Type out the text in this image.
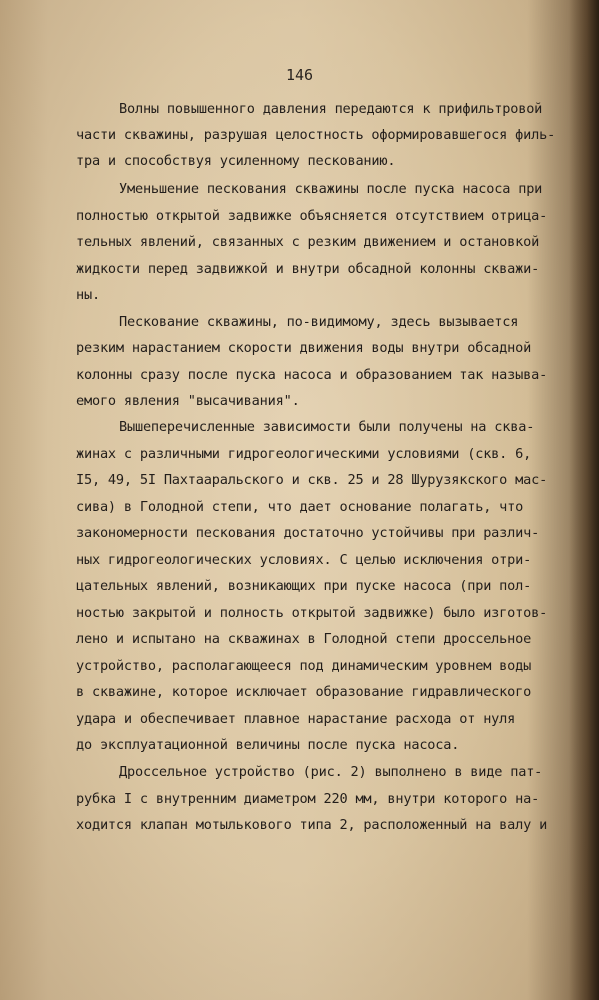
146

Волны повышенного давления передаются к прифильтровой

части скважины, разрушая целостность оформировавшегося филь-

тра и способствуя усиленному пескованию.

Уменьшение пескования скважины после пуска насоса при

полностью открытой задвижке объясняется отсутствием отрица-

тельных явлений, связанных с резким движением и остановкой

жидкости перед задвижкой и внутри обсадной колонны скважи-

ны.

Пескование скважины, по-видимому, здесь вызывается

резким нарастанием скорости движения воды внутри обсадной

колонны сразу после пуска насоса и образованием так называ-

емого явления "высачивания".

Вышеперечисленные зависимости были получены на сква-

жинах с различными гидрогеологическими условиями (скв. 6,

I5, 49, 5I Пахтааральского и скв. 25 и 28 Шурузякского мас-

сива) в Голодной степи, что дает основание полагать, что

закономерности пескования достаточно устойчивы при различ-

ных гидрогеологических условиях. С целью исключения отри-

цательных явлений, возникающих при пуске насоса (при пол-

ностью закрытой и полность открытой задвижке) было изготов-

лено и испытано на скважинах в Голодной степи дроссельное

устройство, располагающееся под динамическим уровнем воды

в скважине, которое исключает образование гидравлического

удара и обеспечивает плавное нарастание расхода от нуля

до эксплуатационной величины после пуска насоса.

Дроссельное устройство (рис. 2) выполнено в виде пат-

рубка I с внутренним диаметром 220 мм, внутри которого на-

ходится клапан мотылькового типа 2, расположенный на валу и
